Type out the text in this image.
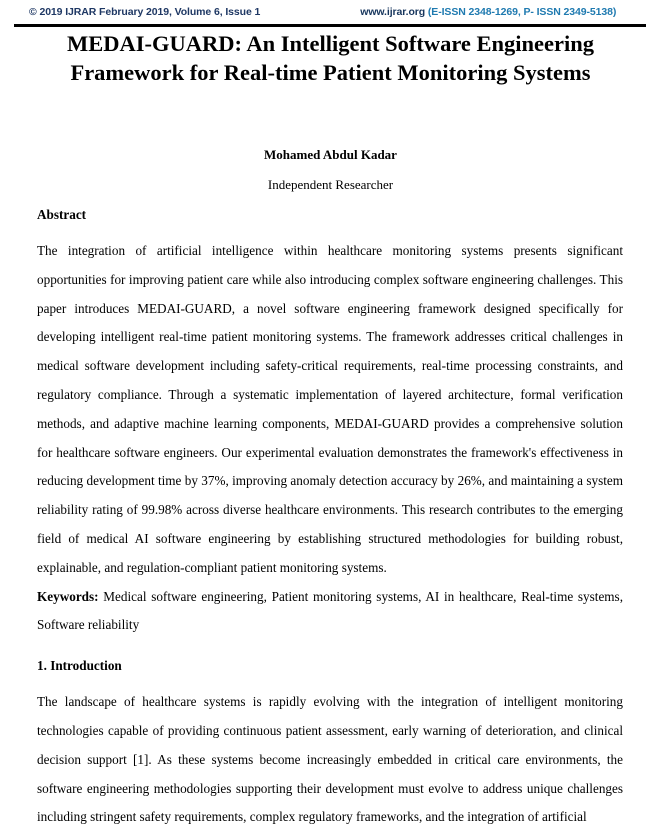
© 2019 IJRAR February 2019, Volume 6, Issue 1	www.ijrar.org (E-ISSN 2348-1269, P- ISSN 2349-5138)
MEDAI-GUARD: An Intelligent Software Engineering Framework for Real-time Patient Monitoring Systems
Mohamed Abdul Kadar
Independent Researcher
Abstract

The integration of artificial intelligence within healthcare monitoring systems presents significant opportunities for improving patient care while also introducing complex software engineering challenges. This paper introduces MEDAI-GUARD, a novel software engineering framework designed specifically for developing intelligent real-time patient monitoring systems. The framework addresses critical challenges in medical software development including safety-critical requirements, real-time processing constraints, and regulatory compliance. Through a systematic implementation of layered architecture, formal verification methods, and adaptive machine learning components, MEDAI-GUARD provides a comprehensive solution for healthcare software engineers. Our experimental evaluation demonstrates the framework's effectiveness in reducing development time by 37%, improving anomaly detection accuracy by 26%, and maintaining a system reliability rating of 99.98% across diverse healthcare environments. This research contributes to the emerging field of medical AI software engineering by establishing structured methodologies for building robust, explainable, and regulation-compliant patient monitoring systems.

Keywords: Medical software engineering, Patient monitoring systems, AI in healthcare, Real-time systems, Software reliability

1. Introduction

The landscape of healthcare systems is rapidly evolving with the integration of intelligent monitoring technologies capable of providing continuous patient assessment, early warning of deterioration, and clinical decision support [1]. As these systems become increasingly embedded in critical care environments, the software engineering methodologies supporting their development must evolve to address unique challenges including stringent safety requirements, complex regulatory frameworks, and the integration of artificial
